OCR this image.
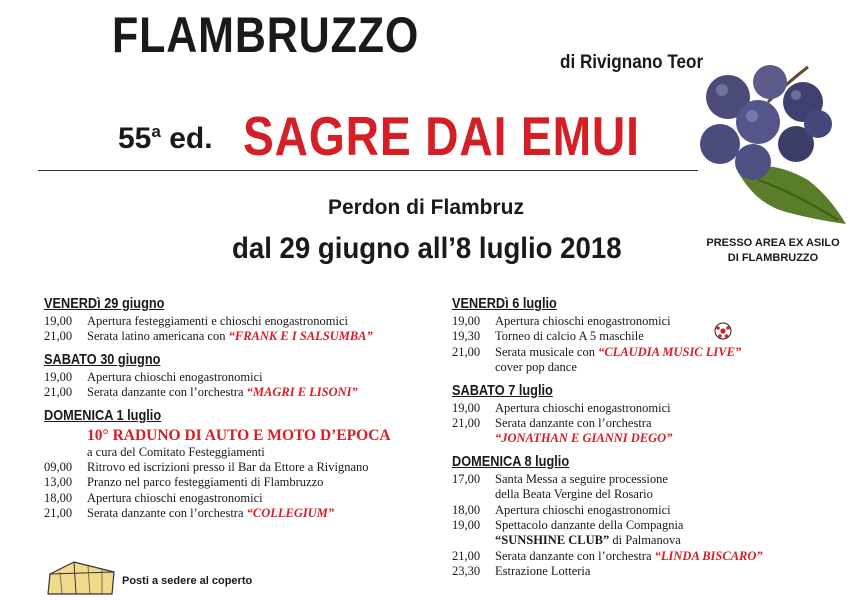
FLAMBRUZZO	di Rivignano Teor
55$^a$ ed. SAGRE DAI EMUI
Perdon di Flambruz
dal 29 giugno all’8 luglio 2018	PRESSO AREA EX ASILO
DI FLAMBRUZZO
VENERDì 29 giugno
19,00	Apertura festeggiamenti e chioschi enogastronomici
21,00	Serata latino americana con “FRANK E I SALSUMBA”
SABATO 30 giugno
19,00	Apertura chioschi enogastronomici
21,00	Serata danzante con l’orchestra “MAGRI E LISONI”
DOMENICA 1 luglio
10° RADUNO DI AUTO E MOTO D’EPOCA
a cura del Comitato Festeggiamenti
09,00	Ritrovo ed iscrizioni presso il Bar da Ettore a Rivignano
13,00	Pranzo nel parco festeggiamenti di Flambruzzo
18,00	Apertura chioschi enogastronomici
21,00	Serata danzante con l’orchestra “COLLEGIUM”
VENERDì 6 luglio
19,00	Apertura chioschi enogastronomici
19,30	Torneo di calcio A 5 maschile
21,00	Serata musicale con “CLAUDIA MUSIC LIVE”
cover pop dance
SABATO 7 luglio
19,00	Apertura chioschi enogastronomici
21,00	Serata danzante con l’orchestra
“JONATHAN E GIANNI DEGO”
DOMENICA 8 luglio
17,00	Santa Messa a seguire processione
della Beata Vergine del Rosario
18,00	Apertura chioschi enogastronomici
19,00	Spettacolo danzante della Compagnia
“SUNSHINE CLUB” di Palmanova
21,00	Serata danzante con l’orchestra “LINDA BISCARO”
23,30	Estrazione Lotteria
Posti a sedere al coperto
